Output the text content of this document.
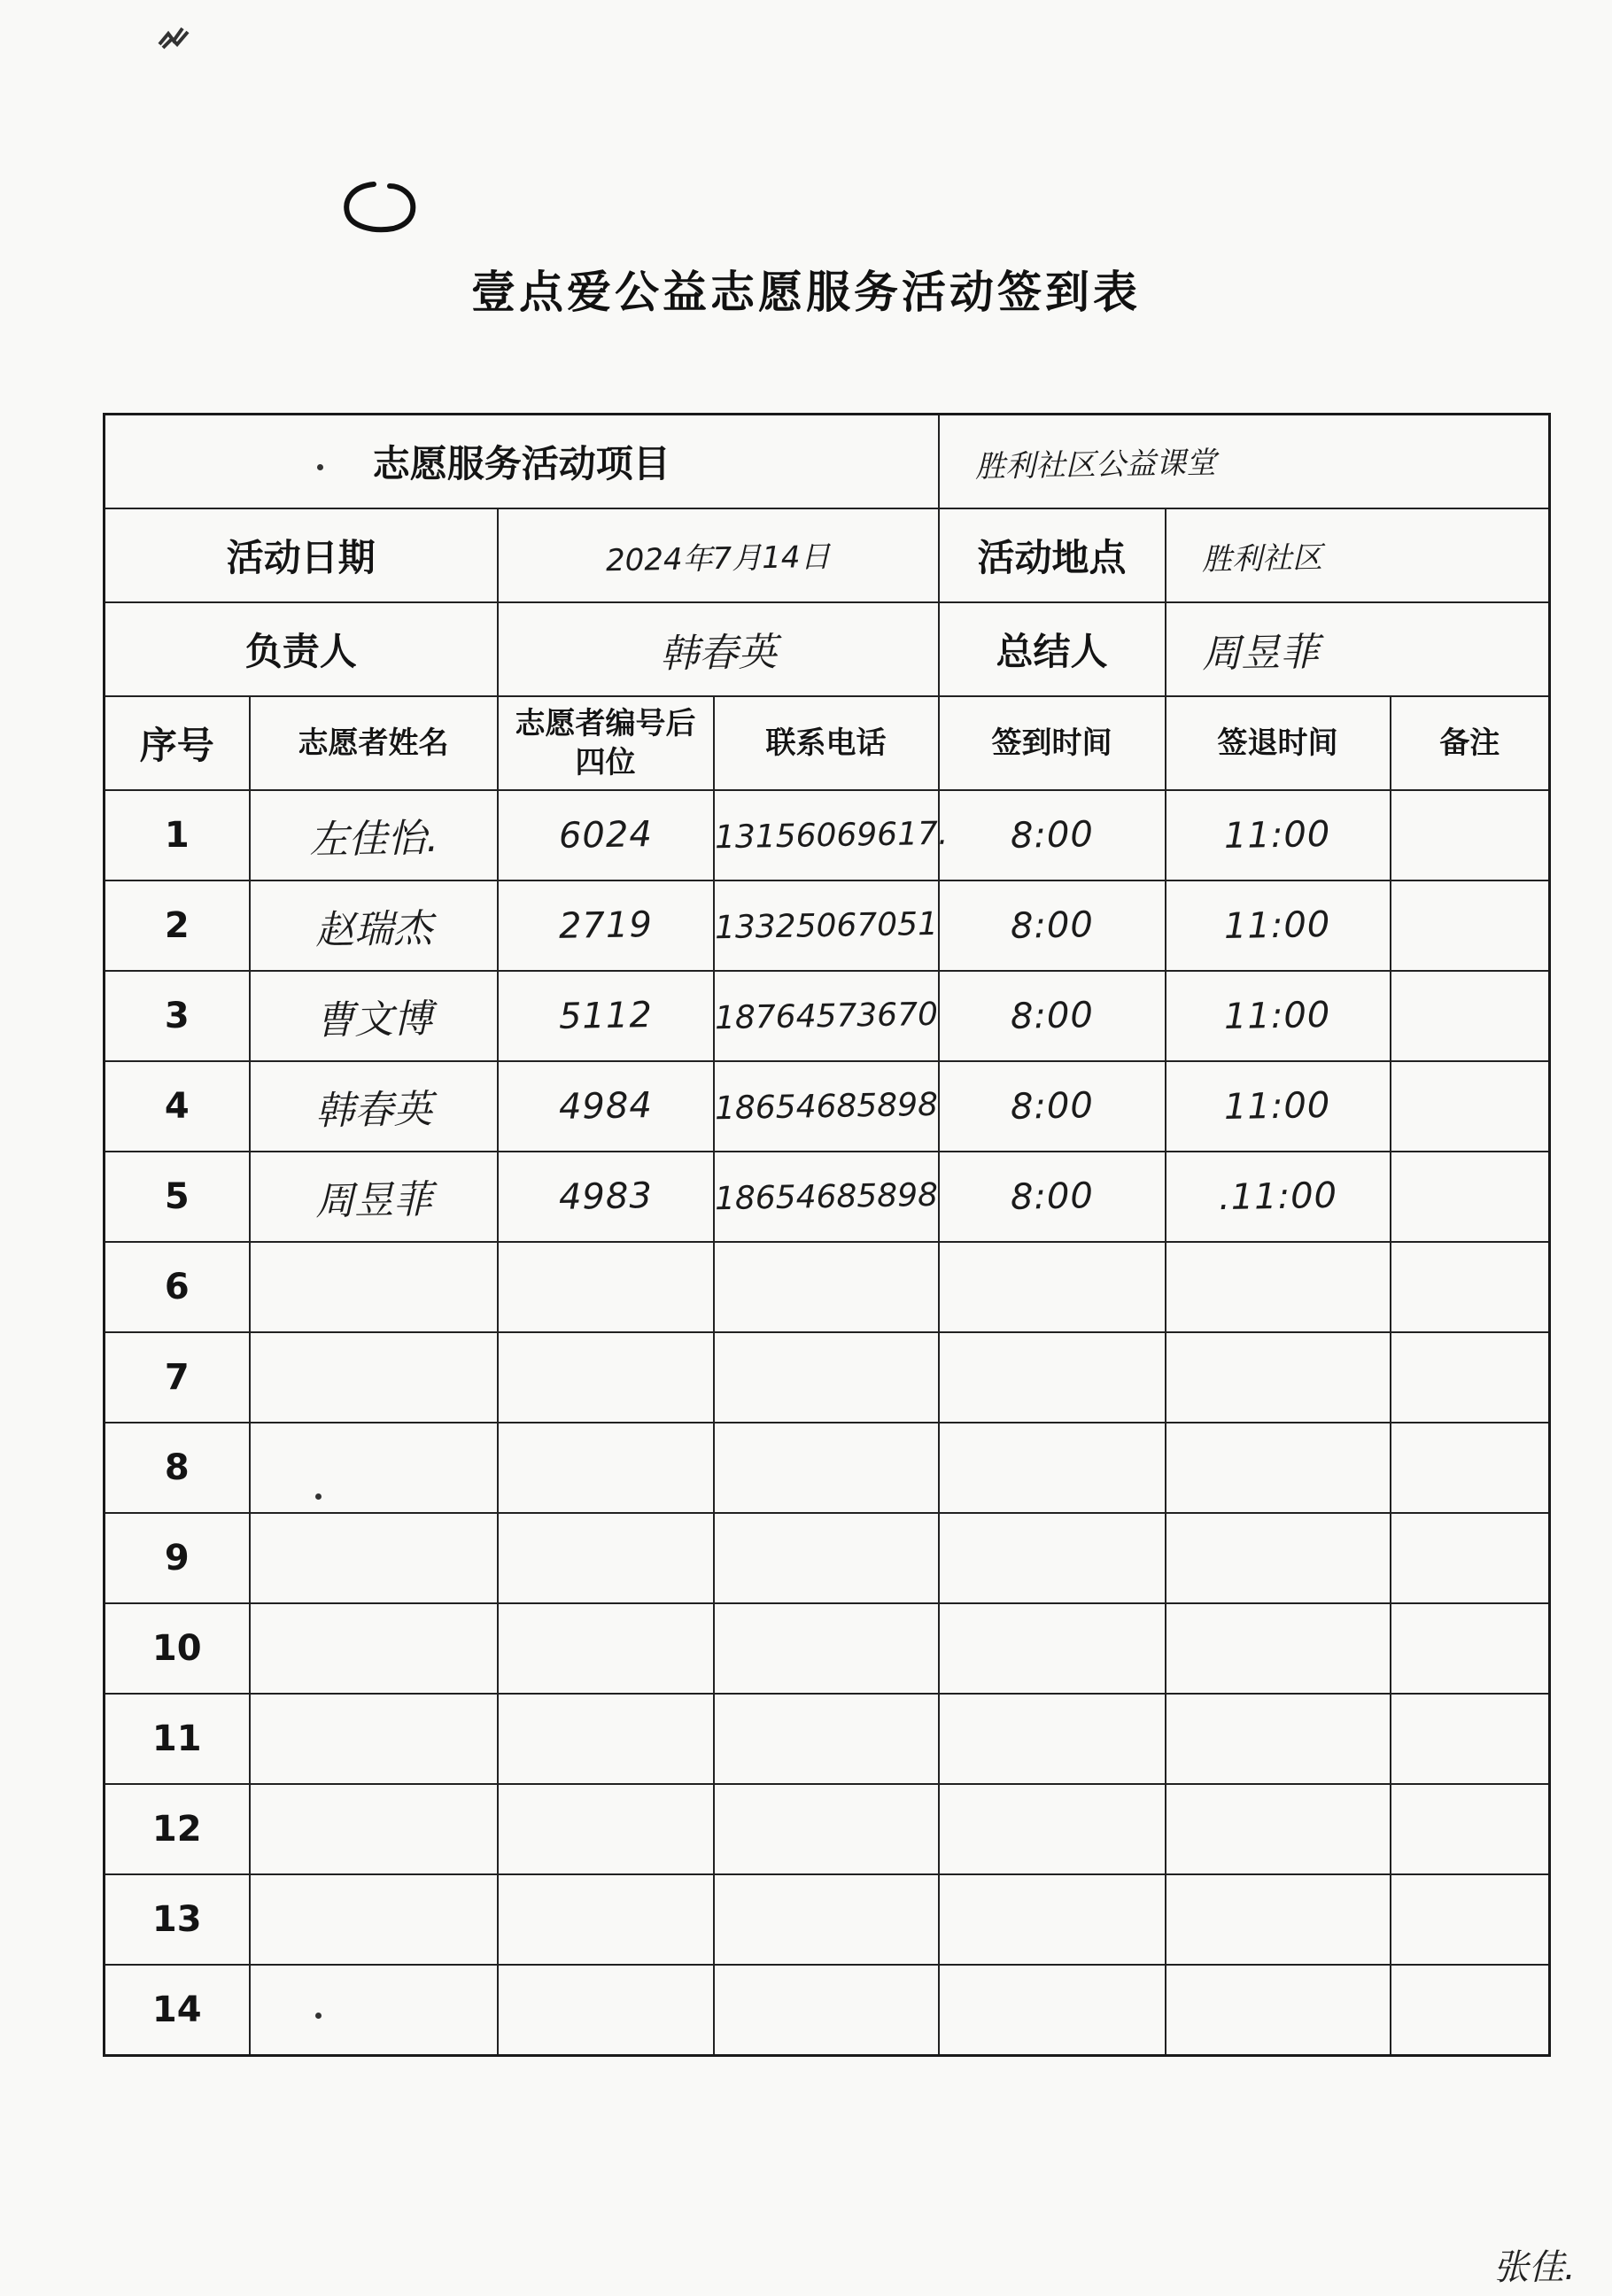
壹点爱公益志愿服务活动签到表
志愿服务活动项目				胜利社区公益课堂		
活动日期		2024年7月14日		活动地点	胜利社区	
负责人		韩春英		总结人	周昱菲	
序号	志愿者姓名	志愿者编号后四位	联系电话	签到时间	签退时间	备注
1	左佳怡.	6024	13156069617.	8:00	11:00	
2	赵瑞杰	2719	13325067051	8:00	11:00	
3	曹文博	5112	18764573670	8:00	11:00	
4	韩春英	4984	18654685898	8:00	11:00	
5	周昱菲	4983	18654685898	8:00	.11:00	
6						
7						
8						
9						
10						
11						
12						
13						
14						
张佳.
